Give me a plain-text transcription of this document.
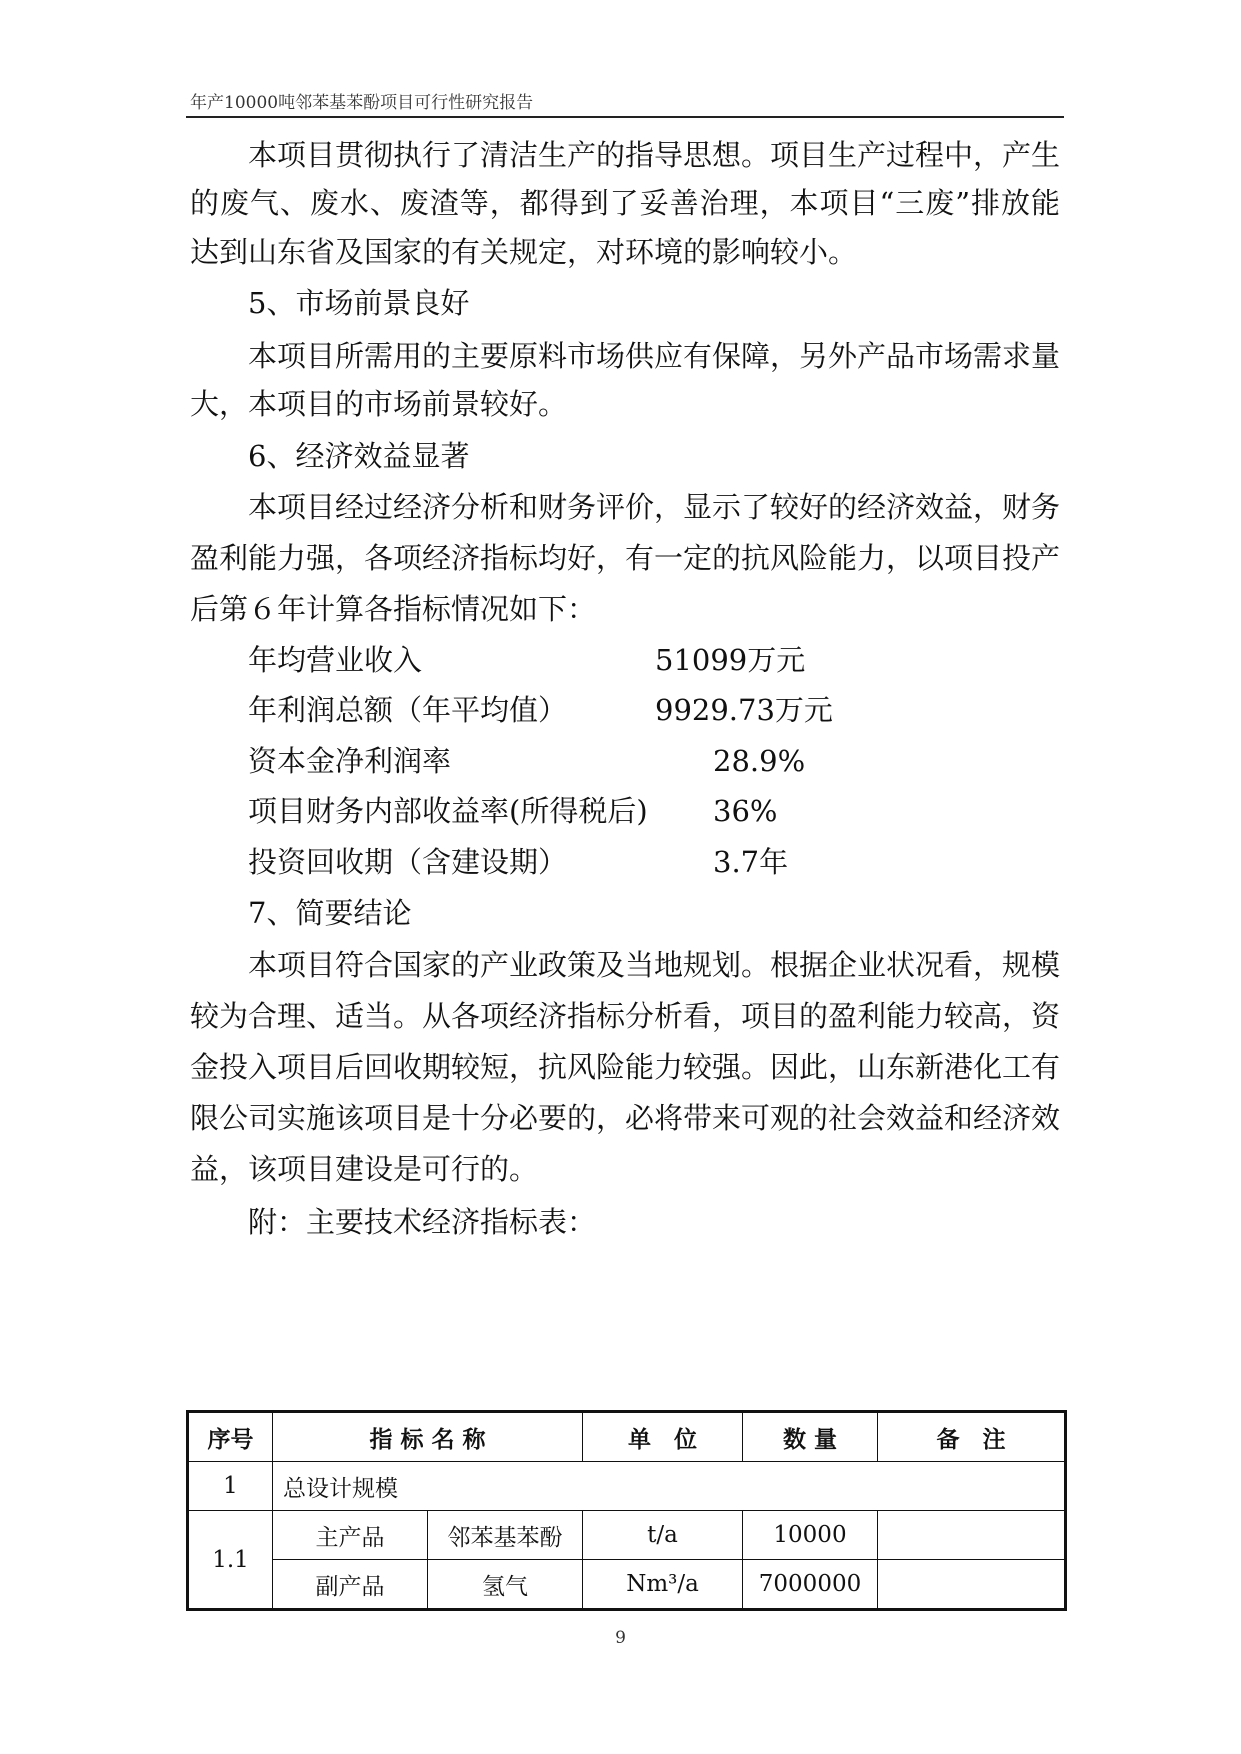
年产10000吨邻苯基苯酚项目可行性研究报告
本项目贯彻执行了清洁生产的指导思想。项目生产过程中，产生
的废气、废水、废渣等，都得到了妥善治理，本项目“三废”排放能
达到山东省及国家的有关规定，对环境的影响较小。
5、市场前景良好
本项目所需用的主要原料市场供应有保障，另外产品市场需求量
大，本项目的市场前景较好。
6、经济效益显著
本项目经过经济分析和财务评价，显示了较好的经济效益，财务
盈利能力强，各项经济指标均好，有一定的抗风险能力，以项目投产
后第６年计算各指标情况如下：
年均营业收入	51099万元
年利润总额（年平均值）	9929.73万元
资本金净利润率	28.9%
项目财务内部收益率(所得税后) 36%
投资回收期（含建设期）	3.7年
7、简要结论
本项目符合国家的产业政策及当地规划。根据企业状况看，规模
较为合理、适当。从各项经济指标分析看，项目的盈利能力较高，资
金投入项目后回收期较短，抗风险能力较强。因此，山东新港化工有
限公司实施该项目是十分必要的，必将带来可观的社会效益和经济效
益，该项目建设是可行的。
附：主要技术经济指标表：
序号	指 标 名 称		单　位	数 量	备　注
1	总设计规模				
1.1	主产品	邻苯基苯酚	t/a	10000	
	副产品	氢气	Nm³/a	7000000	
9
